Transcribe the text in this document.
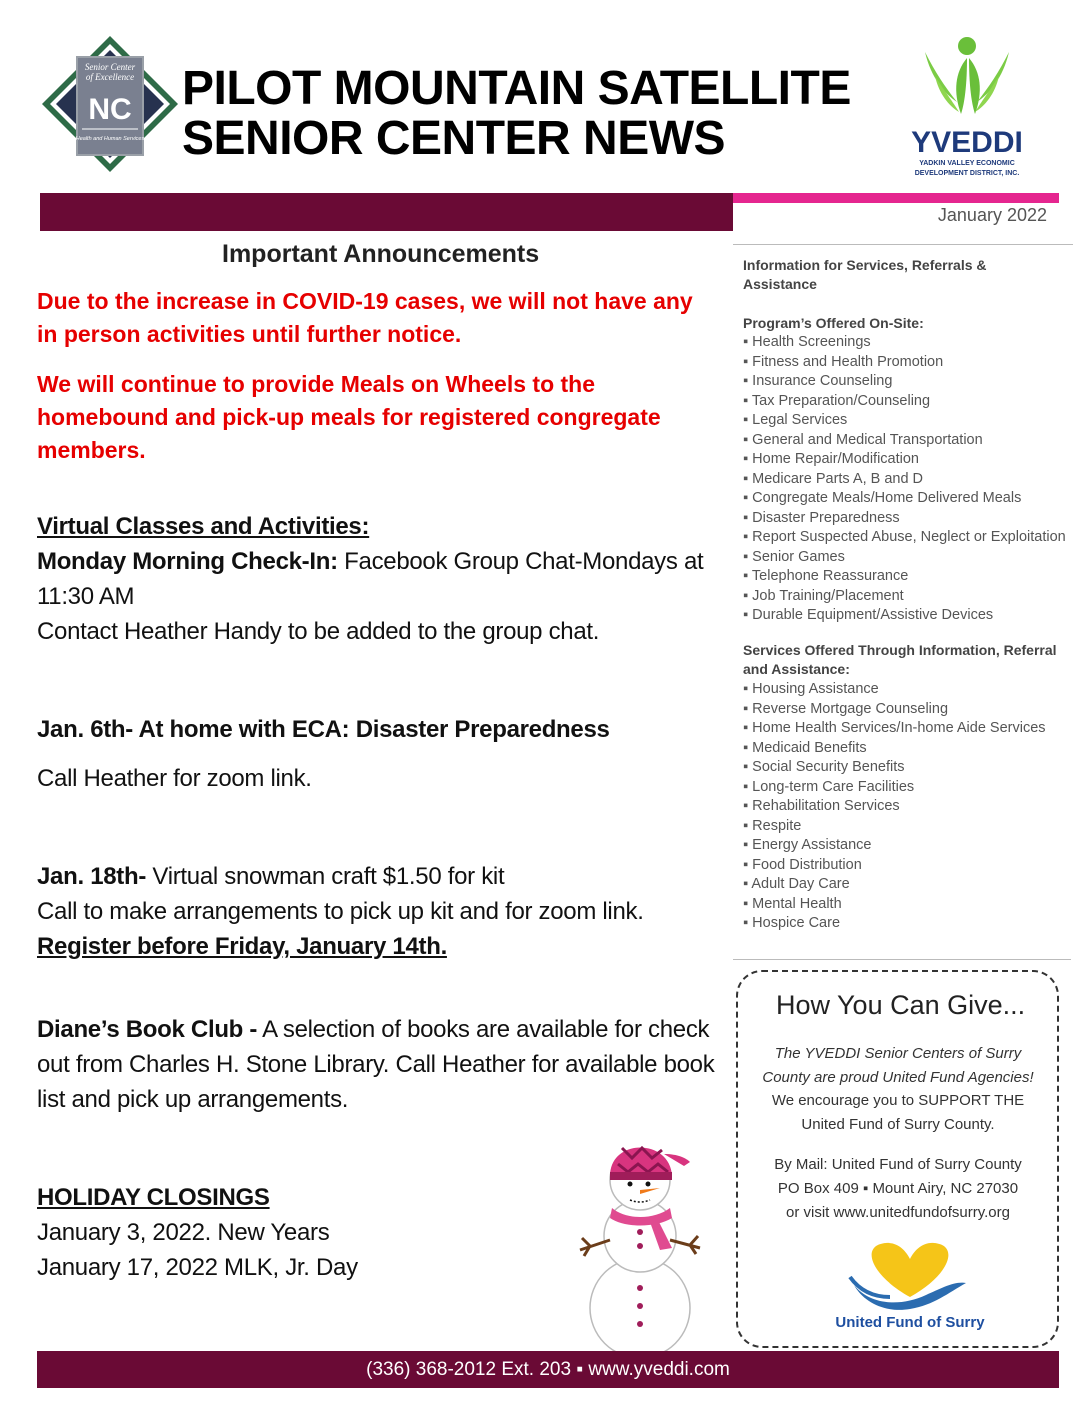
Senior Center
of Excellence
NC
Health and Human Services
PILOT MOUNTAIN SATELLITE
SENIOR CENTER NEWS	YVEDDI
YADKIN VALLEY ECONOMIC
DEVELOPMENT DISTRICT, INC.
January 2022
Important Announcements
Due to the increase in COVID-19 cases, we will not have any in person activities until further notice.
We will continue to provide Meals on Wheels to the homebound and pick-up meals for registered congregate members.
Virtual Classes and Activities:
Monday Morning Check-In: Facebook Group Chat-Mondays at 11:30 AM
Contact Heather Handy to be added to the group chat.
Jan. 6th- At home with ECA: Disaster Preparedness
Call Heather for zoom link.
Jan. 18th- Virtual snowman craft $1.50 for kit
Call to make arrangements to pick up kit and for zoom link.
Register before Friday, January 14th.
Diane’s Book Club - A selection of books are available for check out from Charles H. Stone Library. Call Heather for available book list and pick up arrangements.
HOLIDAY CLOSINGS
January 3, 2022. New Years
January 17, 2022 MLK, Jr. Day
Information for Services, Referrals & Assistance
Program’s Offered On-Site:
▪ Health Screenings
▪ Fitness and Health Promotion
▪ Insurance Counseling
▪ Tax Preparation/Counseling
▪ Legal Services
▪ General and Medical Transportation
▪ Home Repair/Modification
▪ Medicare Parts A, B and D
▪ Congregate Meals/Home Delivered Meals
▪ Disaster Preparedness
▪ Report Suspected Abuse, Neglect or Exploitation
▪ Senior Games
▪ Telephone Reassurance
▪ Job Training/Placement
▪ Durable Equipment/Assistive Devices
Services Offered Through Information, Referral and Assistance:
▪ Housing Assistance
▪ Reverse Mortgage Counseling
▪ Home Health Services/In-home Aide Services
▪ Medicaid Benefits
▪ Social Security Benefits
▪ Long-term Care Facilities
▪ Rehabilitation Services
▪ Respite
▪ Energy Assistance
▪ Food Distribution
▪ Adult Day Care
▪ Mental Health
▪ Hospice Care
How You Can Give...
The YVEDDI Senior Centers of Surry
County are proud United Fund Agencies!
We encourage you to SUPPORT THE
United Fund of Surry County.
By Mail: United Fund of Surry County
PO Box 409 ▪ Mount Airy, NC 27030
or visit www.unitedfundofsurry.org
United Fund of Surry
(336) 368-2012 Ext. 203 ▪ www.yveddi.com
